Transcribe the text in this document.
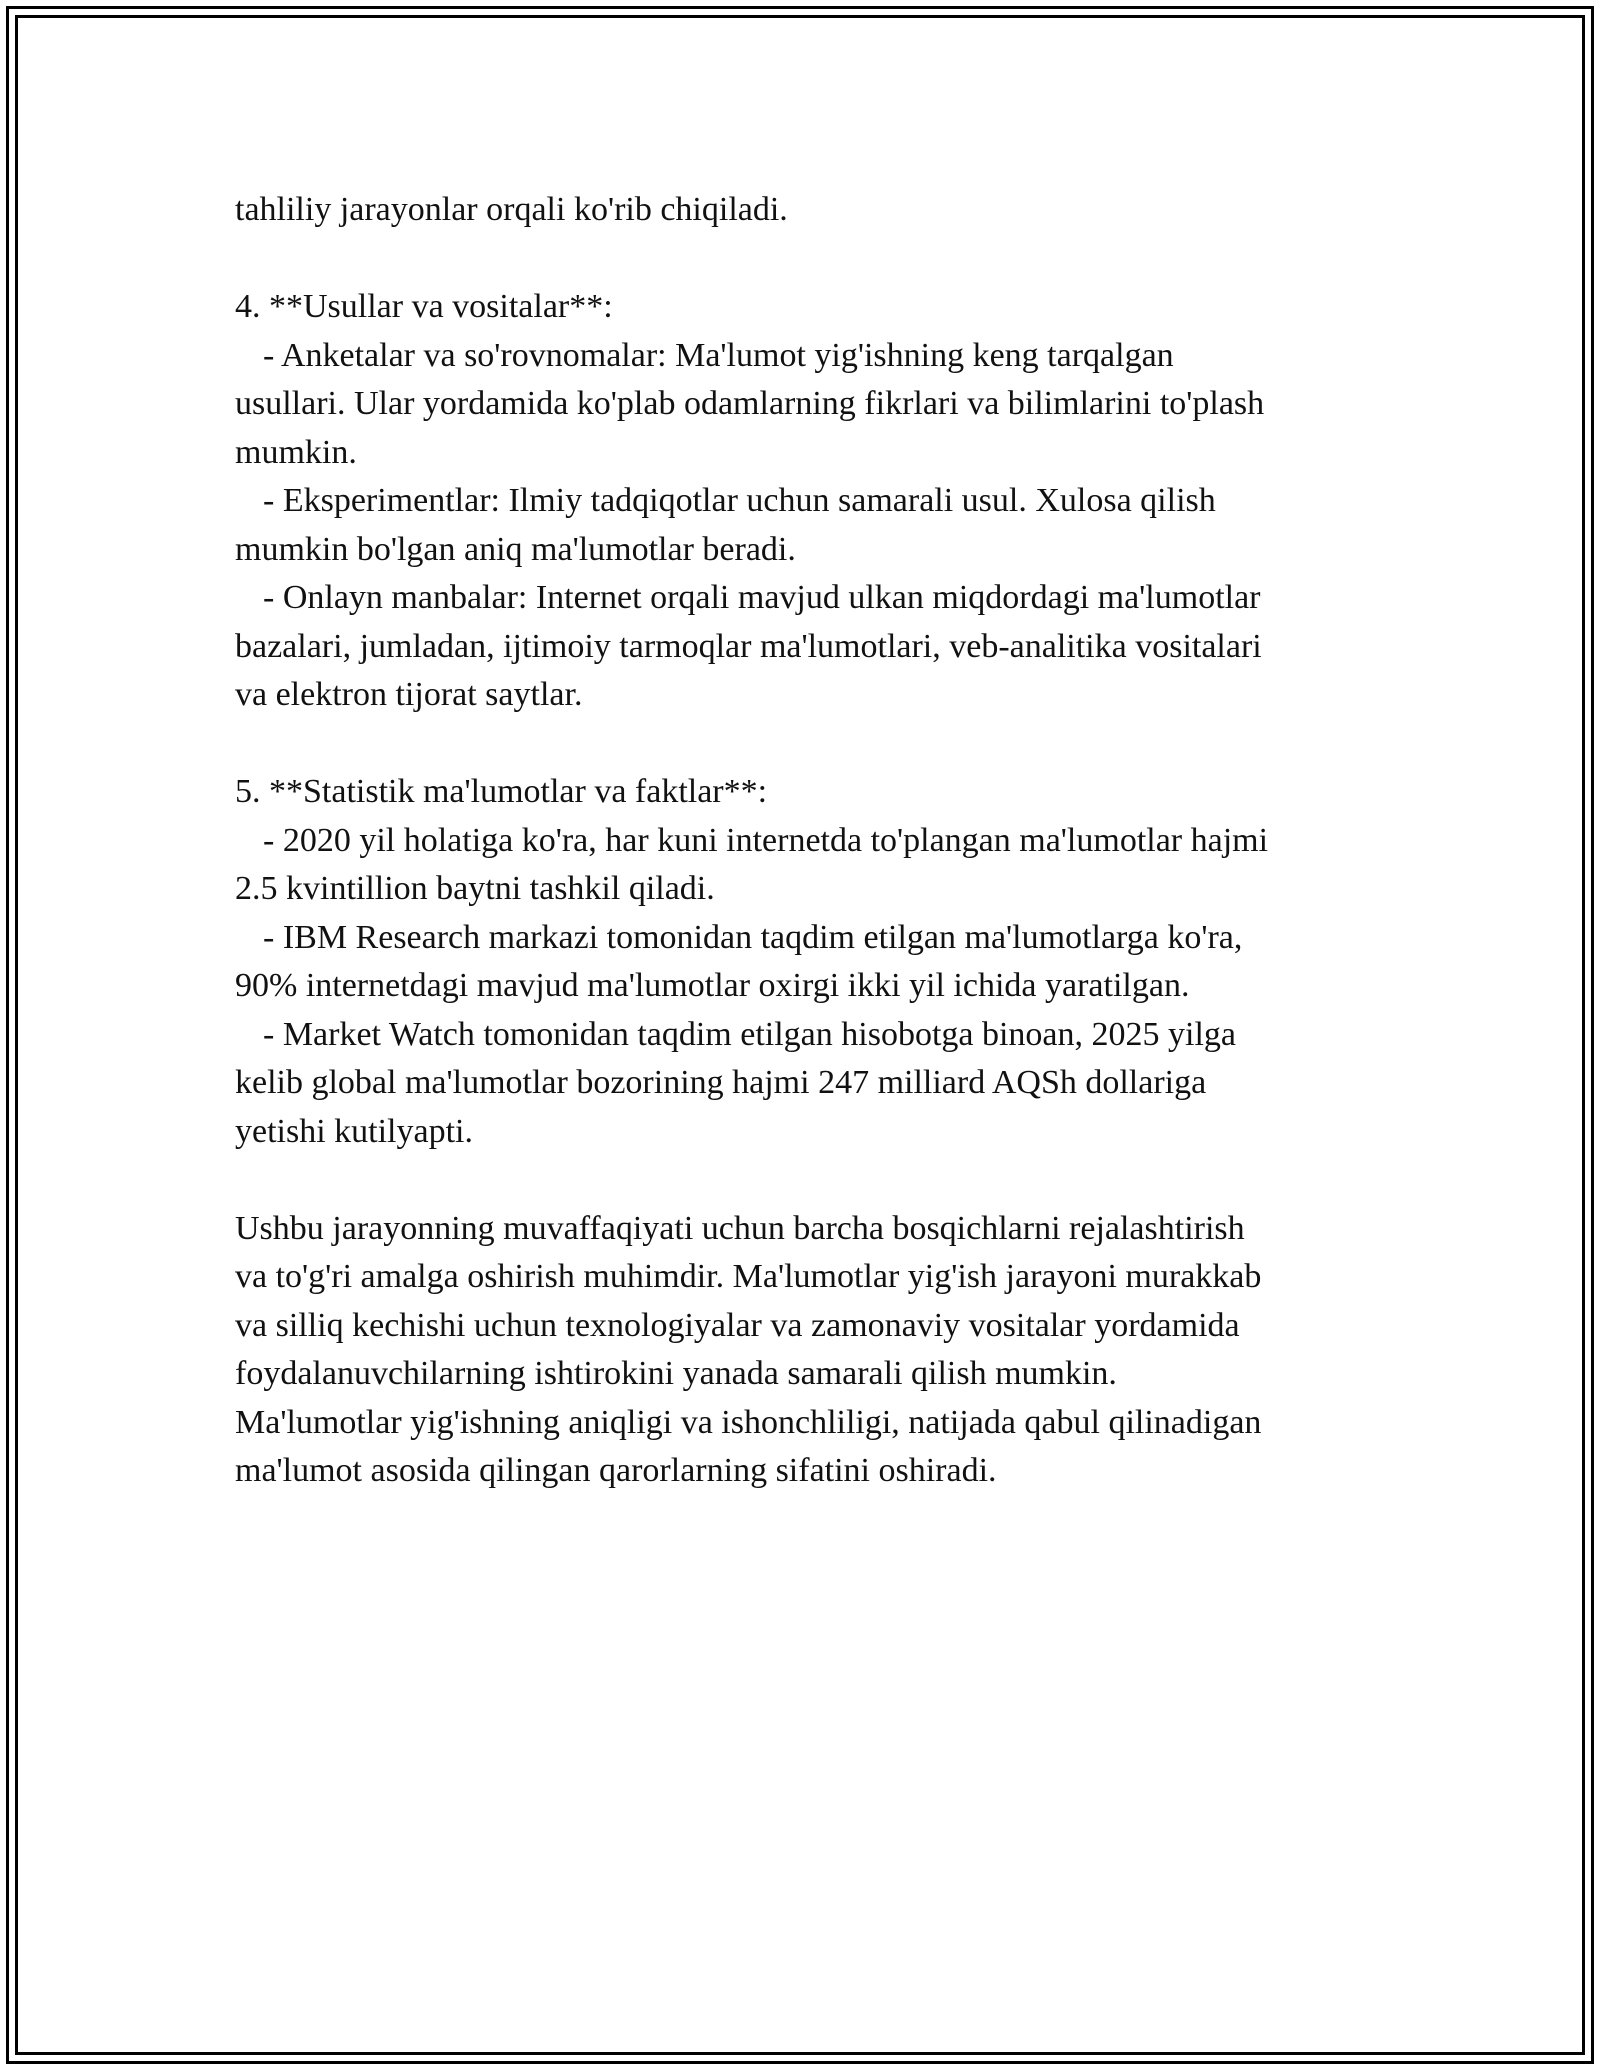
tahliliy jarayonlar orqali ko'rib chiqiladi.

4. **Usullar va vositalar**:

- Anketalar va so'rovnomalar: Ma'lumot yig'ishning keng tarqalgan

usullari. Ular yordamida ko'plab odamlarning fikrlari va bilimlarini to'plash

mumkin.

- Eksperimentlar: Ilmiy tadqiqotlar uchun samarali usul. Xulosa qilish

mumkin bo'lgan aniq ma'lumotlar beradi.

- Onlayn manbalar: Internet orqali mavjud ulkan miqdordagi ma'lumotlar

bazalari, jumladan, ijtimoiy tarmoqlar ma'lumotlari, veb-analitika vositalari

va elektron tijorat saytlar.

5. **Statistik ma'lumotlar va faktlar**:

- 2020 yil holatiga ko'ra, har kuni internetda to'plangan ma'lumotlar hajmi

2.5 kvintillion baytni tashkil qiladi.

- IBM Research markazi tomonidan taqdim etilgan ma'lumotlarga ko'ra,

90% internetdagi mavjud ma'lumotlar oxirgi ikki yil ichida yaratilgan.

- Market Watch tomonidan taqdim etilgan hisobotga binoan, 2025 yilga

kelib global ma'lumotlar bozorining hajmi 247 milliard AQSh dollariga

yetishi kutilyapti.

Ushbu jarayonning muvaffaqiyati uchun barcha bosqichlarni rejalashtirish

va to'g'ri amalga oshirish muhimdir. Ma'lumotlar yig'ish jarayoni murakkab

va silliq kechishi uchun texnologiyalar va zamonaviy vositalar yordamida

foydalanuvchilarning ishtirokini yanada samarali qilish mumkin.

Ma'lumotlar yig'ishning aniqligi va ishonchliligi, natijada qabul qilinadigan

ma'lumot asosida qilingan qarorlarning sifatini oshiradi.
